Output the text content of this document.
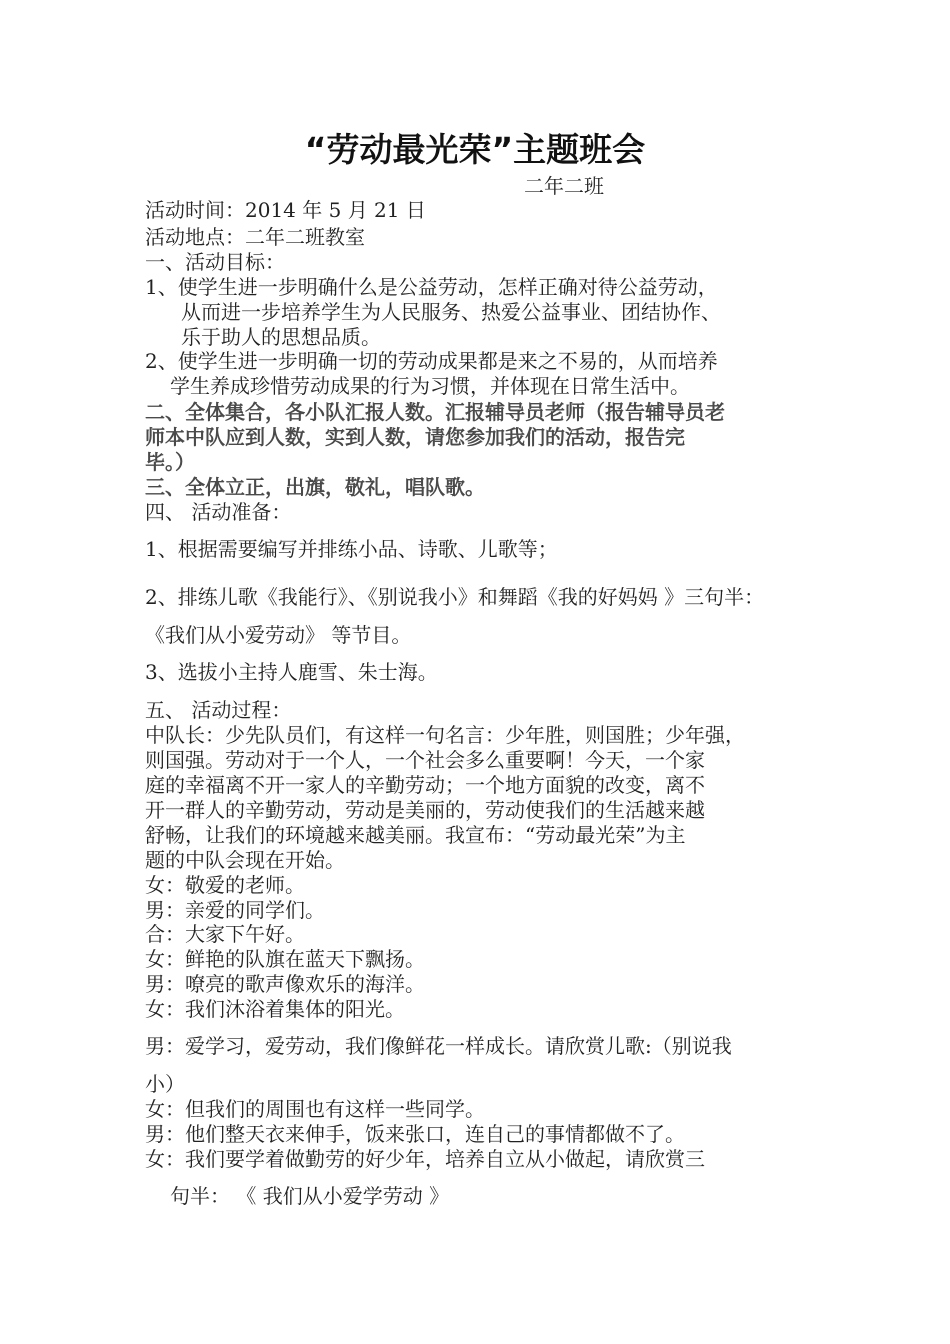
“劳动最光荣”主题班会

二年二班

活动时间：2014 年 5 月 21 日

活动地点：二年二班教室

一、活动目标：

1、使学生进一步明确什么是公益劳动，怎样正确对待公益劳动，

从而进一步培养学生为人民服务、热爱公益事业、团结协作、

乐于助人的思想品质。

2、使学生进一步明确一切的劳动成果都是来之不易的，从而培养

学生养成珍惜劳动成果的行为习惯，并体现在日常生活中。

二、全体集合，各小队汇报人数。汇报辅导员老师（报告辅导员老

师本中队应到人数，实到人数，请您参加我们的活动，报告完

毕。）

三、全体立正，出旗，敬礼，唱队歌。

四、 活动准备：

1、根据需要编写并排练小品、诗歌、儿歌等；

2、排练儿歌《我能行》、《别说我小》和舞蹈《我的好妈妈 》三句半：

《我们从小爱劳动》 等节目。

3、选拔小主持人鹿雪、朱士海。

五、 活动过程：

中队长：少先队员们，有这样一句名言：少年胜，则国胜；少年强，

则国强。劳动对于一个人，一个社会多么重要啊！今天，一个家

庭的幸福离不开一家人的辛勤劳动；一个地方面貌的改变，离不

开一群人的辛勤劳动，劳动是美丽的，劳动使我们的生活越来越

舒畅，让我们的环境越来越美丽。我宣布：“劳动最光荣”为主

题的中队会现在开始。

女：敬爱的老师。

男：亲爱的同学们。

合：大家下午好。

女：鲜艳的队旗在蓝天下飘扬。

男：嘹亮的歌声像欢乐的海洋。

女：我们沐浴着集体的阳光。

男：爱学习，爱劳动，我们像鲜花一样成长。请欣赏儿歌:（别说我

小）

女：但我们的周围也有这样一些同学。

男：他们整天衣来伸手，饭来张口，连自己的事情都做不了。

女：我们要学着做勤劳的好少年，培养自立从小做起，请欣赏三

句半： 《 我们从小爱学劳动 》
